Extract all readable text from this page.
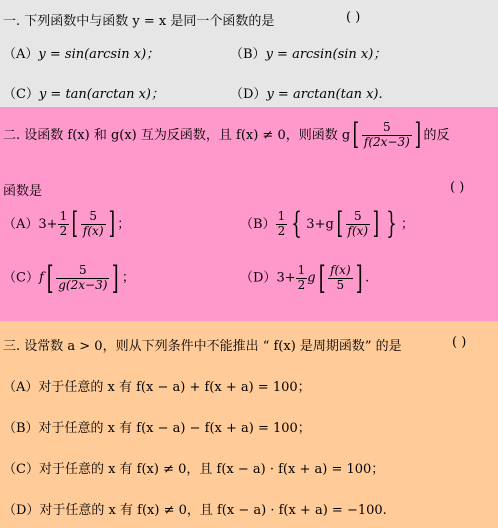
一. 下列函数中与函数 y = x 是同一个函数的是	( )
（A）y = sin(arcsin x)；	（B）y = arcsin(sin x)；
（C）y = tan(arctan x)；	（D）y = arctan(tan x).
二. 设函数 f(x) 和 g(x) 互为反函数，且 f(x) ≠ 0，则函数 $g[ \frac{5}{f(2x-3)}$ ] 的反
函数是	( )
$(A)3+ \frac{1}{2}$ [ $\frac{5}{f(x)}$ ] ；	$(B) \frac{1}{2}$ { $3+g[ \frac{5}{f(x)}$ ] } ；
$(C)f[ \frac{5}{g(2x-3)}$ ] ；	$(D)3+ \frac{1}{2} g[ \frac{f(x)}{5}$ ] .
三. 设常数 a > 0，则从下列条件中不能推出 “ f(x) 是周期函数” 的是	( )
（A）对于任意的 x 有 f(x − a) + f(x + a) = 100；
（B）对于任意的 x 有 f(x − a) − f(x + a) = 100；
（C）对于任意的 x 有 f(x) ≠ 0，且 f(x − a) · f(x + a) = 100；
（D）对于任意的 x 有 f(x) ≠ 0，且 f(x − a) · f(x + a) = −100.
